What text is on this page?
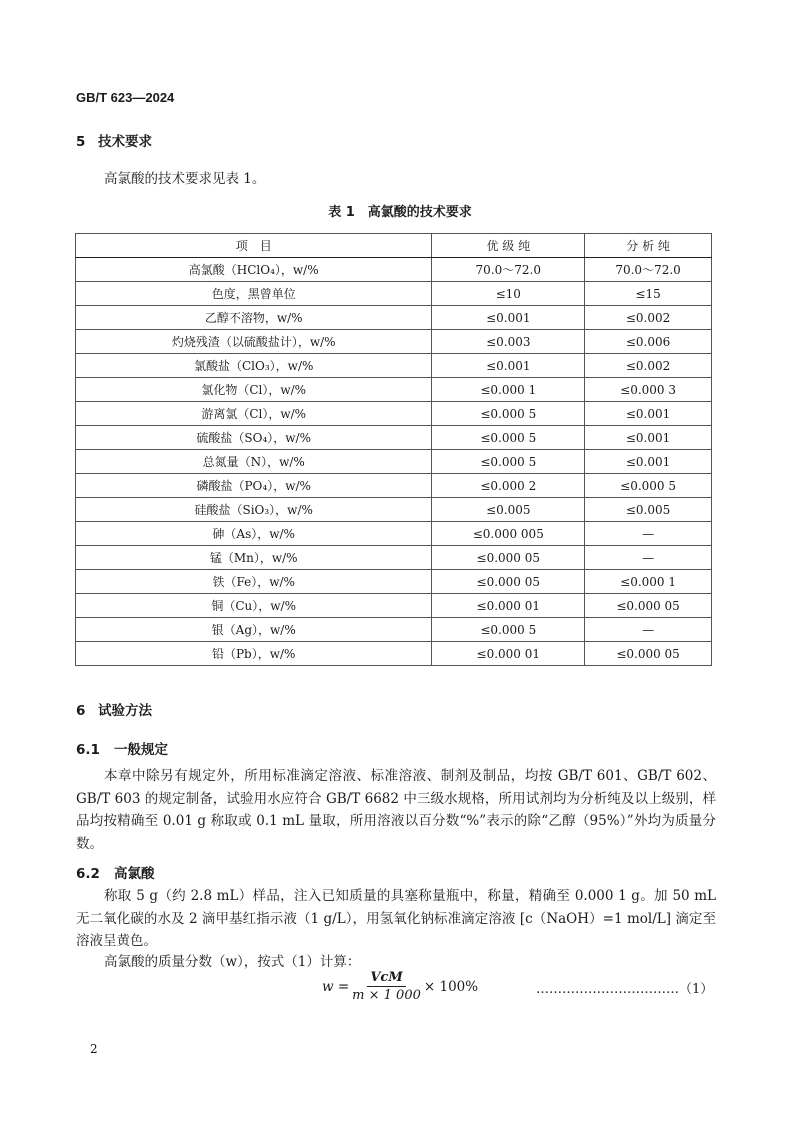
GB/T 623—2024
5 技术要求
高氯酸的技术要求见表 1。
表 1　高氯酸的技术要求
项　目	优 级 纯	分 析 纯
高氯酸（HClO₄），w/%	70.0～72.0	70.0～72.0
色度，黑曾单位	≤10	≤15
乙醇不溶物，w/%	≤0.001	≤0.002
灼烧残渣（以硫酸盐计），w/%	≤0.003	≤0.006
氯酸盐（ClO₃），w/%	≤0.001	≤0.002
氯化物（Cl），w/%	≤0.000 1	≤0.000 3
游离氯（Cl），w/%	≤0.000 5	≤0.001
硫酸盐（SO₄），w/%	≤0.000 5	≤0.001
总氮量（N），w/%	≤0.000 5	≤0.001
磷酸盐（PO₄），w/%	≤0.000 2	≤0.000 5
硅酸盐（SiO₃），w/%	≤0.005	≤0.005
砷（As），w/%	≤0.000 005	—
锰（Mn），w/%	≤0.000 05	—
铁（Fe），w/%	≤0.000 05	≤0.000 1
铜（Cu），w/%	≤0.000 01	≤0.000 05
银（Ag），w/%	≤0.000 5	—
铅（Pb），w/%	≤0.000 01	≤0.000 05
6 试验方法
6.1 一般规定
本章中除另有规定外，所用标准滴定溶液、标准溶液、制剂及制品，均按 GB/T 601、GB/T 602、GB/T 603 的规定制备，试验用水应符合 GB/T 6682 中三级水规格，所用试剂均为分析纯及以上级别，样品均按精确至 0.01 g 称取或 0.1 mL 量取，所用溶液以百分数“%”表示的除“乙醇（95%）”外均为质量分数。
6.2 高氯酸
称取 5 g（约 2.8 mL）样品，注入已知质量的具塞称量瓶中，称量，精确至 0.000 1 g。加 50 mL 无二氧化碳的水及 2 滴甲基红指示液（1 g/L），用氢氧化钠标准滴定溶液 [c（NaOH）=1 mol/L] 滴定至溶液呈黄色。
高氯酸的质量分数（w），按式（1）计算：
$w = \frac{\text{VcM}}{m \times 1 000} \times 100\%$	……………………………（1）
2
